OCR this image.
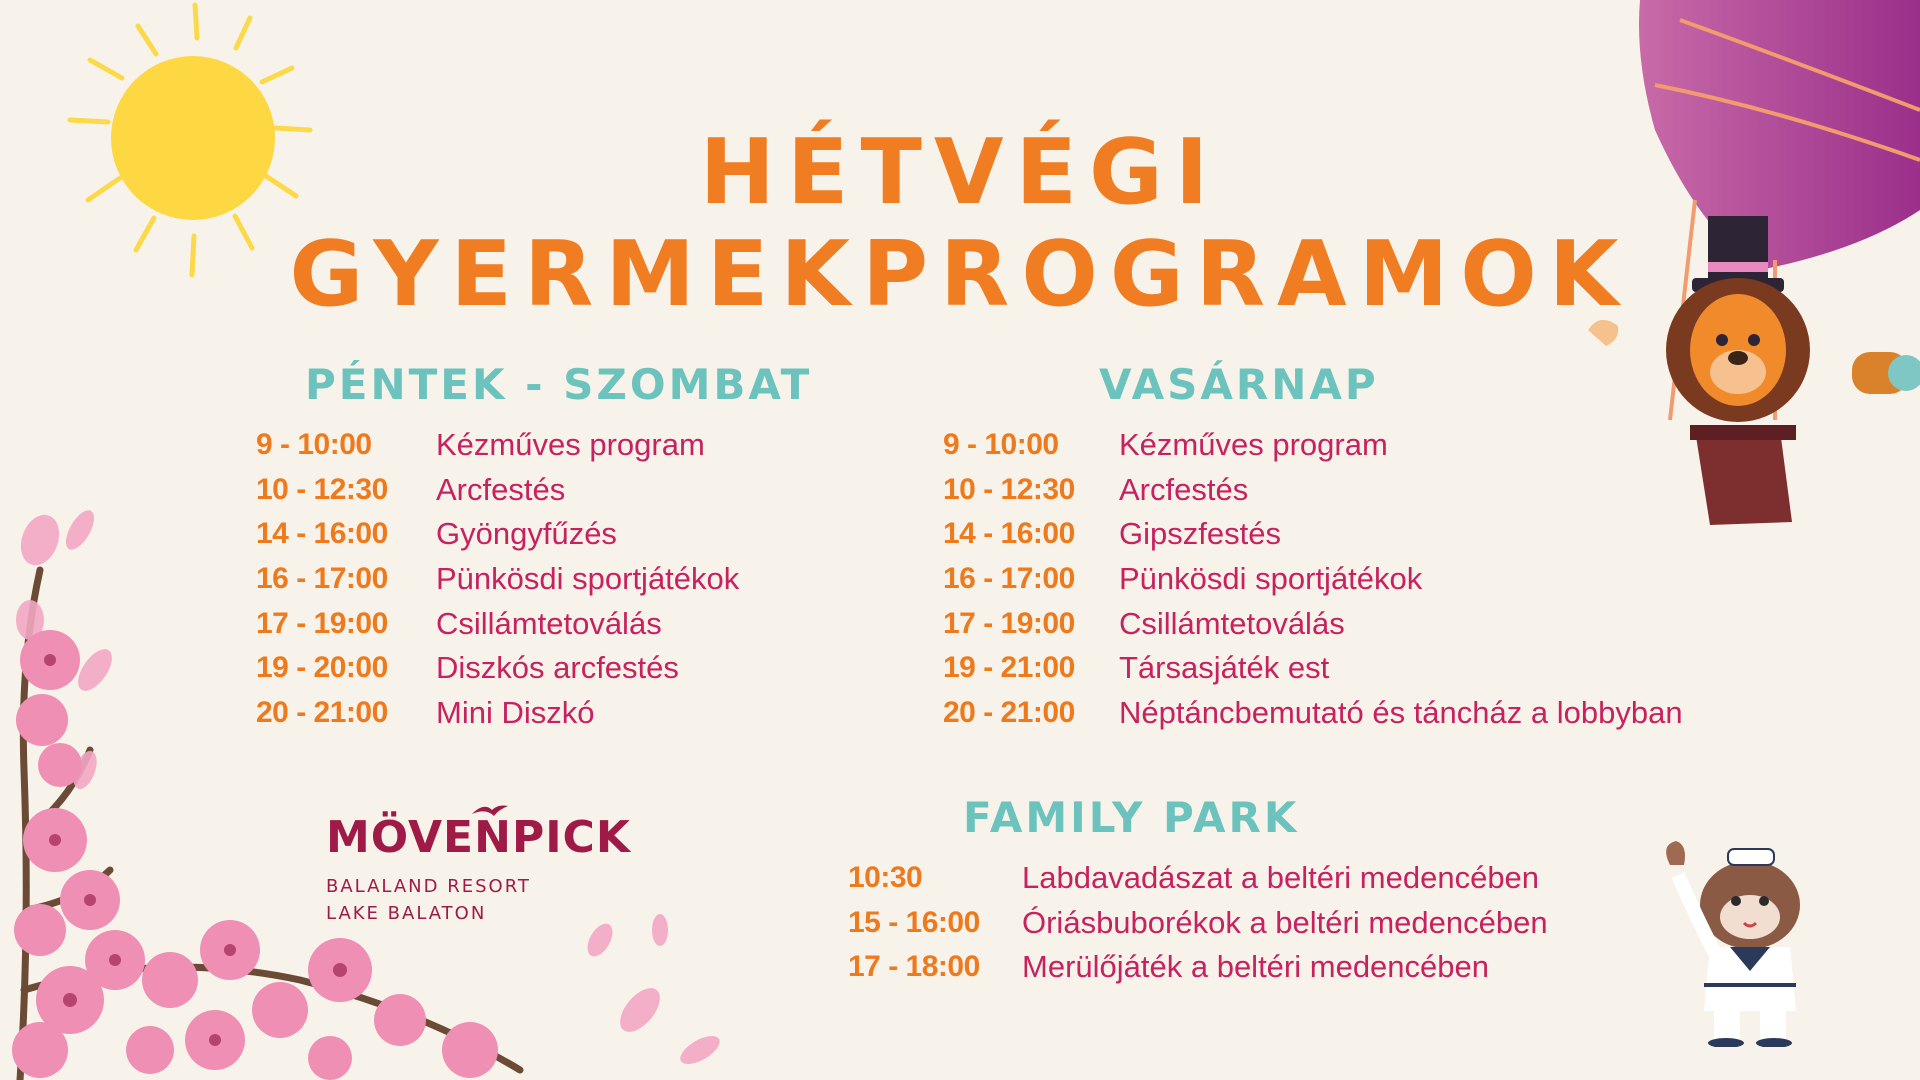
HÉTVÉGI
GYERMEKPROGRAMOK
PÉNTEK - SZOMBAT
9 - 10:00	Kézműves program
10 - 12:30	Arcfestés
14 - 16:00	Gyöngyfűzés
16 - 17:00	Pünkösdi sportjátékok
17 - 19:00	Csillámtetoválás
19 - 20:00	Diszkós arcfestés
20 - 21:00	Mini Diszkó
VASÁRNAP
9 - 10:00	Kézműves program
10 - 12:30	Arcfestés
14 - 16:00	Gipszfestés
16 - 17:00	Pünkösdi sportjátékok
17 - 19:00	Csillámtetoválás
19 - 21:00	Társasjáték est
20 - 21:00	Néptáncbemutató és táncház a lobbyban
FAMILY PARK
10:30	Labdavadászat a beltéri medencében
15 - 16:00	Óriásbuborékok a beltéri medencében
17 - 18:00	Merülőjáték a beltéri medencében
MÖVENPICK
BALALAND RESORT
LAKE BALATON
